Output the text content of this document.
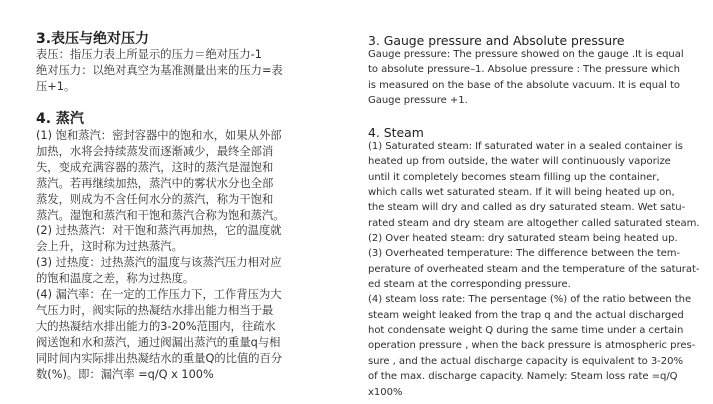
3.表压与绝对压力
表压：指压力表上所显示的压力＝绝对压力-1
绝对压力：以绝对真空为基准测量出来的压力=表
压+1。
4. 蒸汽
(1) 饱和蒸汽：密封容器中的饱和水，如果从外部
加热，水将会持续蒸发而逐渐减少，最终全部消
失，变成充满容器的蒸汽，这时的蒸汽是湿饱和
蒸汽。若再继续加热，蒸汽中的雾状水分也全部
蒸发，则成为不含任何水分的蒸汽，称为干饱和
蒸汽。湿饱和蒸汽和干饱和蒸汽合称为饱和蒸汽。
(2) 过热蒸汽：对干饱和蒸汽再加热，它的温度就
会上升，这时称为过热蒸汽。
(3) 过热度：过热蒸汽的温度与该蒸汽压力相对应
的饱和温度之差，称为过热度。
(4) 漏汽率：在一定的工作压力下，工作背压为大
气压力时，阀实际的热凝结水排出能力相当于最
大的热凝结水排出能力的3-20%范围内，往疏水
阀送饱和水和蒸汽，通过阀漏出蒸汽的重量q与相
同时间内实际排出热凝结水的重量Q的比值的百分
数(%)。即：漏汽率 =q/Q x 100%
3. Gauge pressure and Absolute pressure
Gauge pressure: The pressure showed on the gauge .It is equal
to absolute pressure–1. Absolue pressure : The pressure which
is measured on the base of the absolute vacuum. It is equal to
Gauge pressure +1.
4. Steam
(1) Saturated steam: If saturated water in a sealed container is
heated up from outside, the water will continuously vaporize
until it completely becomes steam filling up the container,
which calls wet saturated steam. If it will being heated up on,
the steam will dry and called as dry saturated steam. Wet satu-
rated steam and dry steam are altogether called saturated steam.
(2) Over heated steam: dry saturated steam being heated up.
(3) Overheated temperature: The difference between the tem-
perature of overheated steam and the temperature of the saturat-
ed steam at the corresponding pressure.
(4) steam loss rate: The persentage (%) of the ratio between the
steam weight leaked from the trap q and the actual discharged
hot condensate weight Q during the same time under a certain
operation pressure , when the back pressure is atmospheric pres-
sure , and the actual discharge capacity is equivalent to 3-20%
of the max. discharge capacity. Namely: Steam loss rate =q/Q
x100%
